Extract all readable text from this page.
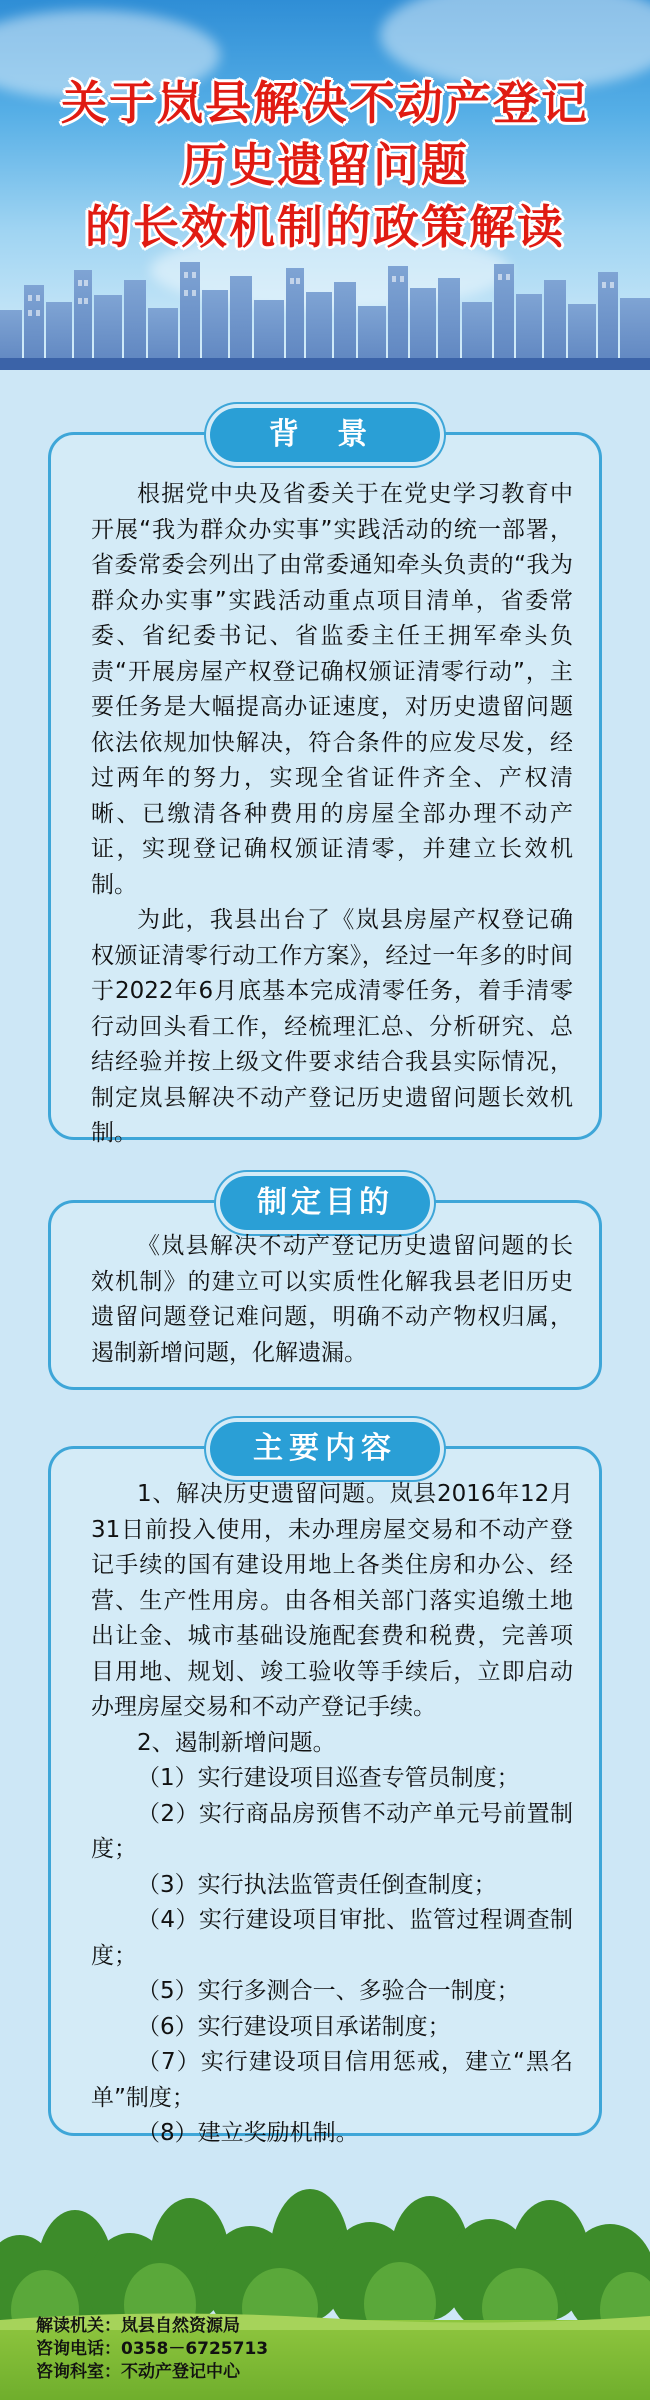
关于岚县解决不动产登记
历史遗留问题
的长效机制的政策解读
背 景

根据党中央及省委关于在党史学习教育中开展“我为群众办实事”实践活动的统一部署，省委常委会列出了由常委通知牵头负责的“我为群众办实事”实践活动重点项目清单，省委常委、省纪委书记、省监委主任王拥军牵头负责“开展房屋产权登记确权颁证清零行动”，主要任务是大幅提高办证速度，对历史遗留问题依法依规加快解决，符合条件的应发尽发，经过两年的努力，实现全省证件齐全、产权清晰、已缴清各种费用的房屋全部办理不动产证，实现登记确权颁证清零，并建立长效机制。

为此，我县出台了《岚县房屋产权登记确权颁证清零行动工作方案》，经过一年多的时间于2022年6月底基本完成清零任务，着手清零行动回头看工作，经梳理汇总、分析研究、总结经验并按上级文件要求结合我县实际情况，制定岚县解决不动产登记历史遗留问题长效机制。

制定目的

《岚县解决不动产登记历史遗留问题的长效机制》的建立可以实质性化解我县老旧历史遗留问题登记难问题，明确不动产物权归属，遏制新增问题，化解遗漏。

主要内容

1、解决历史遗留问题。岚县2016年12月31日前投入使用，未办理房屋交易和不动产登记手续的国有建设用地上各类住房和办公、经营、生产性用房。由各相关部门落实追缴土地出让金、城市基础设施配套费和税费，完善项目用地、规划、竣工验收等手续后，立即启动办理房屋交易和不动产登记手续。

2、遏制新增问题。

（1）实行建设项目巡查专管员制度；

（2）实行商品房预售不动产单元号前置制度；

（3）实行执法监管责任倒查制度；

（4）实行建设项目审批、监管过程调查制度；

（5）实行多测合一、多验合一制度；

（6）实行建设项目承诺制度；

（7）实行建设项目信用惩戒，建立“黑名单”制度；

（8）建立奖励机制。

解读机关：岚县自然资源局
咨询电话：0358－6725713
咨询科室：不动产登记中心
